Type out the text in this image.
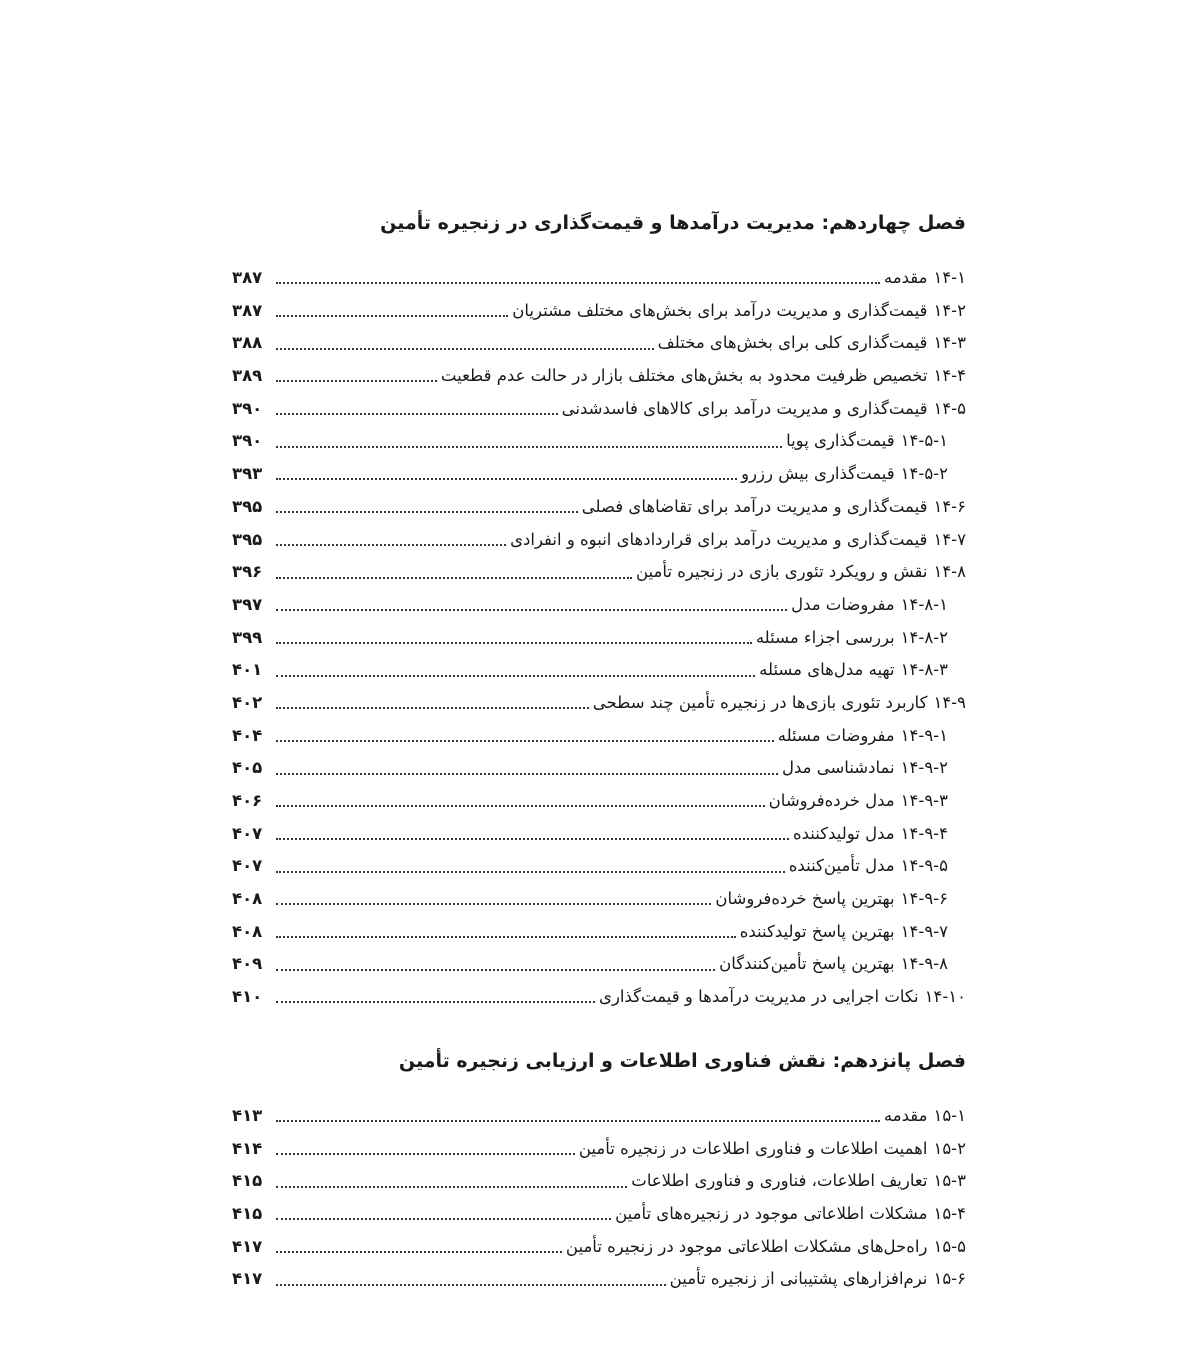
فصل چهاردهم: مدیریت درآمدها و قیمت‌گذاری در زنجیره تأمین
۱۴-۱
مقدمه
۳۸۷
۱۴-۲
قیمت‌گذاری و مدیریت درآمد برای بخش‌های مختلف مشتریان
۳۸۷
۱۴-۳
قیمت‌گذاری کلی برای بخش‌های مختلف
۳۸۸
۱۴-۴
تخصیص ظرفیت محدود به بخش‌های مختلف بازار در حالت عدم قطعیت
۳۸۹
۱۴-۵
قیمت‌گذاری و مدیریت درآمد برای کالاهای فاسدشدنی
۳۹۰
۱۴-۵-۱
قیمت‌گذاری پویا
۳۹۰
۱۴-۵-۲
قیمت‌گذاری بیش رزرو
۳۹۳
۱۴-۶
قیمت‌گذاری و مدیریت درآمد برای تقاضاهای فصلی
۳۹۵
۱۴-۷
قیمت‌گذاری و مدیریت درآمد برای قراردادهای انبوه و انفرادی
۳۹۵
۱۴-۸
نقش و رویکرد تئوری بازی در زنجیره تأمین
۳۹۶
۱۴-۸-۱
مفروضات مدل
۳۹۷
۱۴-۸-۲
بررسی اجزاء مسئله
۳۹۹
۱۴-۸-۳
تهیه مدل‌های مسئله
۴۰۱
۱۴-۹
کاربرد تئوری بازی‌ها در زنجیره تأمین چند سطحی
۴۰۲
۱۴-۹-۱
مفروضات مسئله
۴۰۴
۱۴-۹-۲
نمادشناسی مدل
۴۰۵
۱۴-۹-۳
مدل خرده‌فروشان
۴۰۶
۱۴-۹-۴
مدل تولیدکننده
۴۰۷
۱۴-۹-۵
مدل تأمین‌کننده
۴۰۷
۱۴-۹-۶
بهترین پاسخ خرده‌فروشان
۴۰۸
۱۴-۹-۷
بهترین پاسخ تولیدکننده
۴۰۸
۱۴-۹-۸
بهترین پاسخ تأمین‌کنندگان
۴۰۹
۱۴-۱۰
نکات اجرایی در مدیریت درآمدها و قیمت‌گذاری
۴۱۰
فصل پانزدهم: نقش فناوری اطلاعات و ارزیابی زنجیره تأمین
۱۵-۱
مقدمه
۴۱۳
۱۵-۲
اهمیت اطلاعات و فناوری اطلاعات در زنجیره تأمین
۴۱۴
۱۵-۳
تعاریف اطلاعات، فناوری و فناوری اطلاعات
۴۱۵
۱۵-۴
مشکلات اطلاعاتی موجود در زنجیره‌های تأمین
۴۱۵
۱۵-۵
راه‌حل‌های مشکلات اطلاعاتی موجود در زنجیره تأمین
۴۱۷
۱۵-۶
نرم‌افزارهای پشتیبانی از زنجیره تأمین
۴۱۷
